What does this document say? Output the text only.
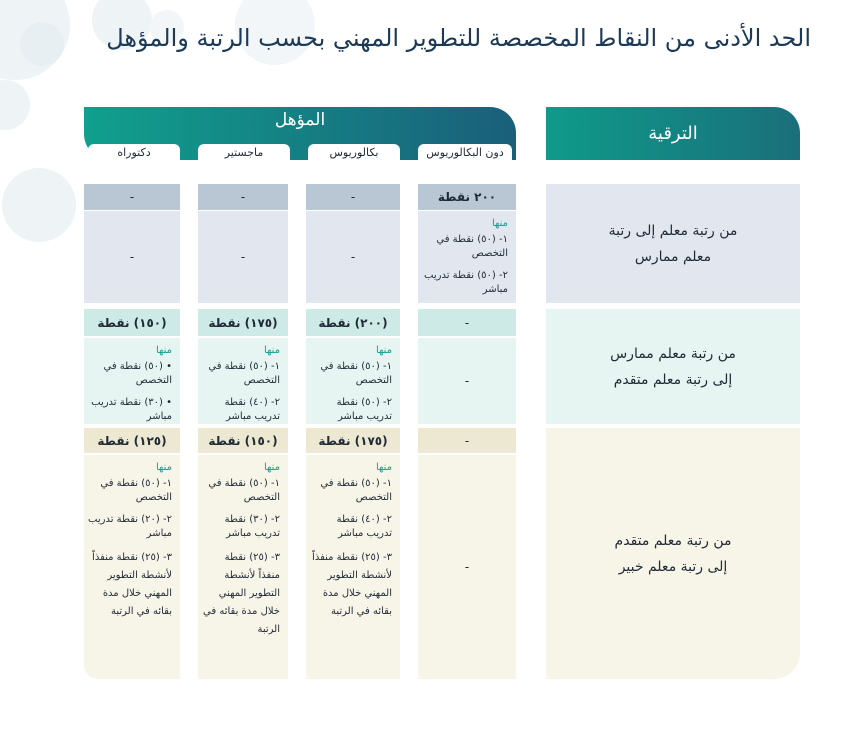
الحد الأدنى من النقاط المخصصة للتطوير المهني بحسب الرتبة والمؤهل
الترقية
من رتبة معلم إلى رتبة
معلم ممارس
من رتبة معلم ممارس
إلى رتبة معلم متقدم
من رتبة معلم متقدم
إلى رتبة معلم خبير
المؤهل
دون البكالوريوس
بكالوريوس
ماجستير
دكتوراه
٢٠٠ نقطة
-
-
-
منها
١- (٥٠) نقطة في التخصص
٢- (٥٠) نقطة تدريب مباشر
-
-
-
-
(٢٠٠) نقطة
(١٧٥) نقطة
(١٥٠) نقطة
-
منها
١- (٥٠) نقطة في التخصص
٢- (٥٠) نقطة تدريب مباشر
منها
١- (٥٠) نقطة في التخصص
٢- (٤٠) نقطة تدريب مباشر
منها
• (٥٠) نقطة في التخصص
• (٣٠) نقطة تدريب مباشر
-
(١٧٥) نقطة
(١٥٠) نقطة
(١٢٥) نقطة
-
منها
١- (٥٠) نقطة في التخصص
٢- (٤٠) نقطة تدريب مباشر
٣- (٢٥) نقطة منفذاً لأنشطة التطوير المهني خلال مدة بقائه في الرتبة
منها
١- (٥٠) نقطة في التخصص
٢- (٣٠) نقطة تدريب مباشر
٣- (٢٥) نقطة منفذاً لأنشطة التطوير المهني خلال مدة بقائه في الرتبة
منها
١- (٥٠) نقطة في التخصص
٢- (٢٠) نقطة تدريب مباشر
٣- (٢٥) نقطة منفذاً لأنشطة التطوير المهني خلال مدة بقائه في الرتبة
